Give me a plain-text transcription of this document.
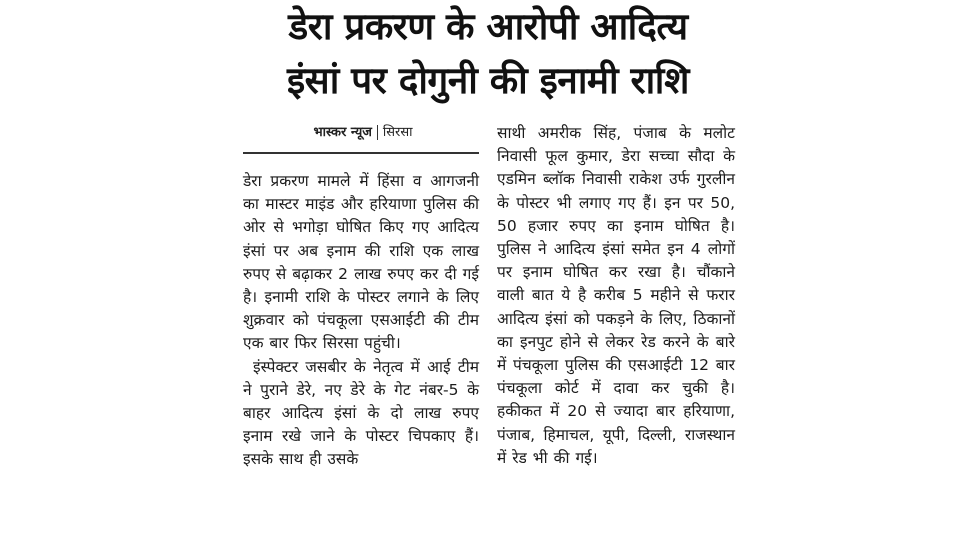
डेरा प्रकरण के आरोपी आदित्य
इंसां पर दोगुनी की इनामी राशि
भास्कर न्यूज सिरसा

डेरा प्रकरण मामले में हिंसा व आगजनी का मास्टर माइंड और हरियाणा पुलिस की ओर से भगोड़ा घोषित किए गए आदित्य इंसां पर अब इनाम की राशि एक लाख रुपए से बढ़ाकर 2 लाख रुपए कर दी गई है। इनामी राशि के पोस्टर लगाने के लिए शुक्रवार को पंचकूला एसआईटी की टीम एक बार फिर सिरसा पहुंची।

इंस्पेक्टर जसबीर के नेतृत्व में आई टीम ने पुराने डेरे, नए डेरे के गेट नंबर-5 के बाहर आदित्य इंसां के दो लाख रुपए इनाम रखे जाने के पोस्टर चिपकाए हैं। इसके साथ ही उसके

साथी अमरीक सिंह, पंजाब के मलोट निवासी फूल कुमार, डेरा सच्चा सौदा के एडमिन ब्लॉक निवासी राकेश उर्फ गुरलीन के पोस्टर भी लगाए गए हैं। इन पर 50, 50 हजार रुपए का इनाम घोषित है। पुलिस ने आदित्य इंसां समेत इन 4 लोगों पर इनाम घोषित कर रखा है। चौंकाने वाली बात ये है करीब 5 महीने से फरार आदित्य इंसां को पकड़ने के लिए, ठिकानों का इनपुट होने से लेकर रेड करने के बारे में पंचकूला पुलिस की एसआईटी 12 बार पंचकूला कोर्ट में दावा कर चुकी है। हकीकत में 20 से ज्यादा बार हरियाणा, पंजाब, हिमाचल, यूपी, दिल्ली, राजस्थान में रेड भी की गई।
